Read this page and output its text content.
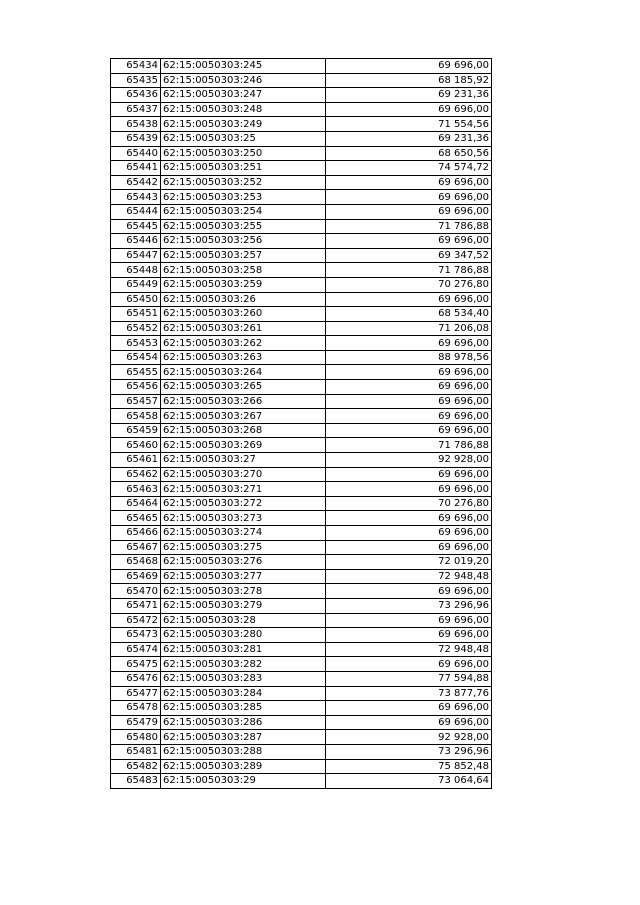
65434	62:15:0050303:245	69 696,00
65435	62:15:0050303:246	68 185,92
65436	62:15:0050303:247	69 231,36
65437	62:15:0050303:248	69 696,00
65438	62:15:0050303:249	71 554,56
65439	62:15:0050303:25	69 231,36
65440	62:15:0050303:250	68 650,56
65441	62:15:0050303:251	74 574,72
65442	62:15:0050303:252	69 696,00
65443	62:15:0050303:253	69 696,00
65444	62:15:0050303:254	69 696,00
65445	62:15:0050303:255	71 786,88
65446	62:15:0050303:256	69 696,00
65447	62:15:0050303:257	69 347,52
65448	62:15:0050303:258	71 786,88
65449	62:15:0050303:259	70 276,80
65450	62:15:0050303:26	69 696,00
65451	62:15:0050303:260	68 534,40
65452	62:15:0050303:261	71 206,08
65453	62:15:0050303:262	69 696,00
65454	62:15:0050303:263	88 978,56
65455	62:15:0050303:264	69 696,00
65456	62:15:0050303:265	69 696,00
65457	62:15:0050303:266	69 696,00
65458	62:15:0050303:267	69 696,00
65459	62:15:0050303:268	69 696,00
65460	62:15:0050303:269	71 786,88
65461	62:15:0050303:27	92 928,00
65462	62:15:0050303:270	69 696,00
65463	62:15:0050303:271	69 696,00
65464	62:15:0050303:272	70 276,80
65465	62:15:0050303:273	69 696,00
65466	62:15:0050303:274	69 696,00
65467	62:15:0050303:275	69 696,00
65468	62:15:0050303:276	72 019,20
65469	62:15:0050303:277	72 948,48
65470	62:15:0050303:278	69 696,00
65471	62:15:0050303:279	73 296,96
65472	62:15:0050303:28	69 696,00
65473	62:15:0050303:280	69 696,00
65474	62:15:0050303:281	72 948,48
65475	62:15:0050303:282	69 696,00
65476	62:15:0050303:283	77 594,88
65477	62:15:0050303:284	73 877,76
65478	62:15:0050303:285	69 696,00
65479	62:15:0050303:286	69 696,00
65480	62:15:0050303:287	92 928,00
65481	62:15:0050303:288	73 296,96
65482	62:15:0050303:289	75 852,48
65483	62:15:0050303:29	73 064,64
